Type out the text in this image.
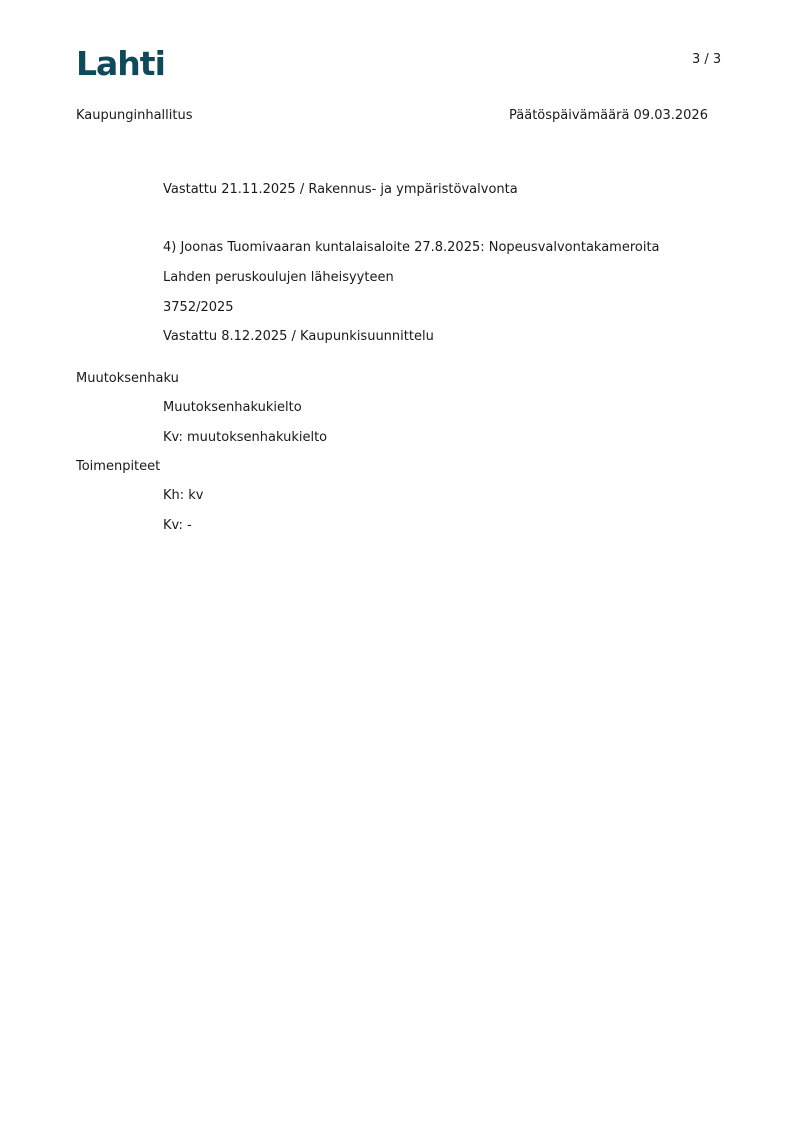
Lahti	3 / 3
Kaupunginhallitus	Päätöspäivämäärä 09.03.2026
Vastattu 21.11.2025 / Rakennus- ja ympäristövalvonta
4) Joonas Tuomivaaran kuntalaisaloite 27.8.2025: Nopeusvalvontakameroita
Lahden peruskoulujen läheisyyteen
3752/2025
Vastattu 8.12.2025 / Kaupunkisuunnittelu
Muutoksenhaku
Muutoksenhakukielto
Kv: muutoksenhakukielto
Toimenpiteet
Kh: kv
Kv: -
